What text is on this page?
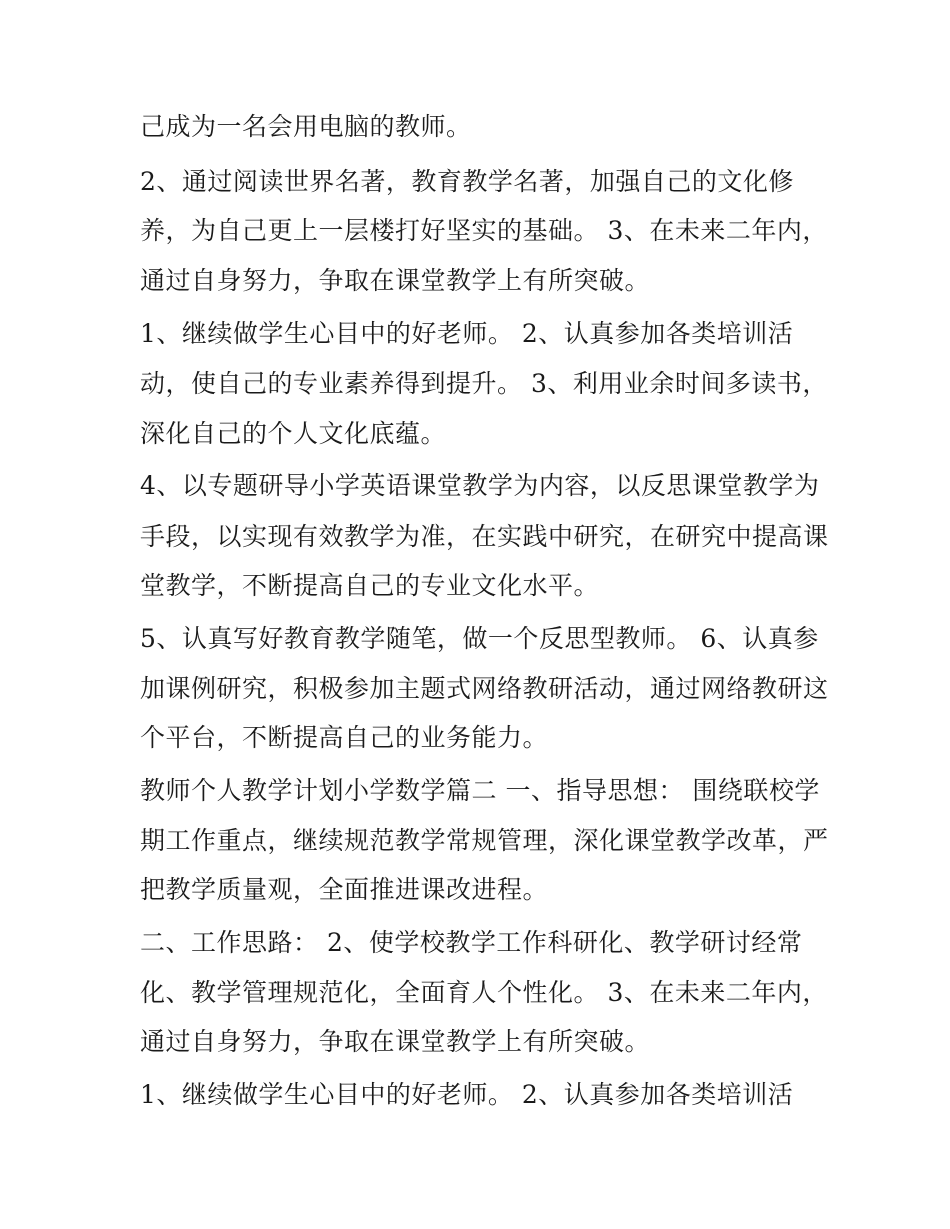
己成为一名会用电脑的教师。
2、通过阅读世界名著，教育教学名著，加强自己的文化修
养，为自己更上一层楼打好坚实的基础。 3、在未来二年内，
通过自身努力，争取在课堂教学上有所突破。
1、继续做学生心目中的好老师。 2、认真参加各类培训活
动，使自己的专业素养得到提升。 3、利用业余时间多读书，
深化自己的个人文化底蕴。
4、以专题研导小学英语课堂教学为内容，以反思课堂教学为
手段，以实现有效教学为准，在实践中研究，在研究中提高课
堂教学，不断提高自己的专业文化水平。
5、认真写好教育教学随笔，做一个反思型教师。 6、认真参
加课例研究，积极参加主题式网络教研活动，通过网络教研这
个平台，不断提高自己的业务能力。
教师个人教学计划小学数学篇二 一、指导思想： 围绕联校学
期工作重点，继续规范教学常规管理，深化课堂教学改革，严
把教学质量观，全面推进课改进程。
二、工作思路： 2、使学校教学工作科研化、教学研讨经常
化、教学管理规范化，全面育人个性化。 3、在未来二年内，
通过自身努力，争取在课堂教学上有所突破。
1、继续做学生心目中的好老师。 2、认真参加各类培训活
